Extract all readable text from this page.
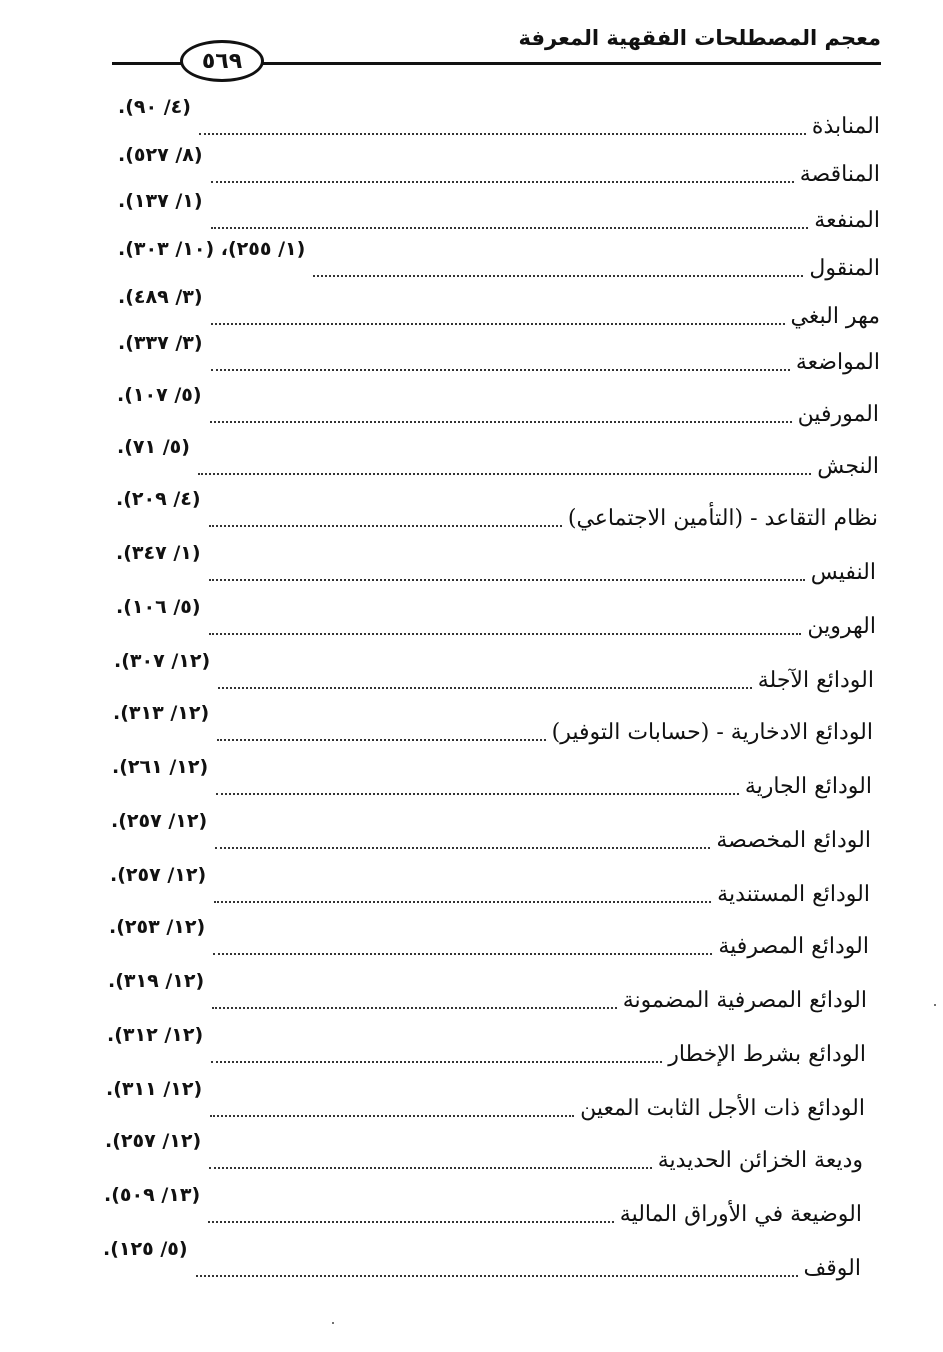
معجم المصطلحات الفقهية المعرفة
٥٦٩
المنابذة
(٤/ ٩٠).
المناقصة
(٨/ ٥٢٧).
المنفعة
(١/ ١٣٧).
المنقول
(١/ ٢٥٥)، (١٠/ ٣٠٣).
مهر البغي
(٣/ ٤٨٩).
المواضعة
(٣/ ٣٣٧).
المورفين
(٥/ ١٠٧).
النجش
(٥/ ٧١).
نظام التقاعد - (التأمين الاجتماعي)
(٤/ ٢٠٩).
النفيس
(١/ ٣٤٧).
الهروين
(٥/ ١٠٦).
الودائع الآجلة
(١٢/ ٣٠٧).
الودائع الادخارية - (حسابات التوفير)
(١٢/ ٣١٣).
الودائع الجارية
(١٢/ ٢٦١).
الودائع المخصصة
(١٢/ ٢٥٧).
الودائع المستندية
(١٢/ ٢٥٧).
الودائع المصرفية
(١٢/ ٢٥٣).
الودائع المصرفية المضمونة
(١٢/ ٣١٩).
الودائع بشرط الإخطار
(١٢/ ٣١٢).
الودائع ذات الأجل الثابت المعين
(١٢/ ٣١١).
وديعة الخزائن الحديدية
(١٢/ ٢٥٧).
الوضيعة في الأوراق المالية
(١٣/ ٥٠٩).
الوقف
(٥/ ١٢٥).
